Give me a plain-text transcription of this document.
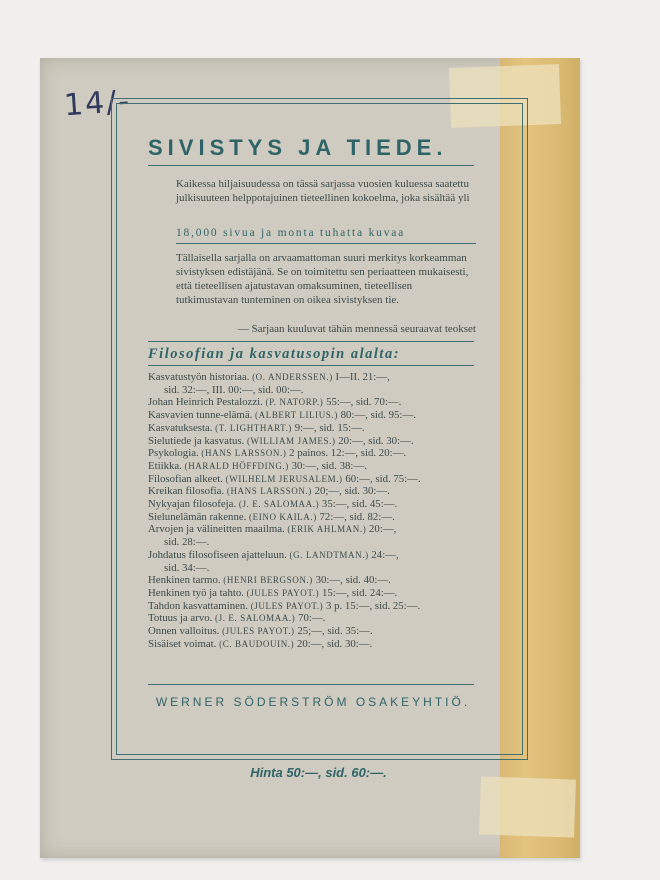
14/-
SIVISTYS JA TIEDE.

Kaikessa hiljaisuudessa on tässä sarjassa vuosien kuluessa saatettu julkisuuteen helppotajuinen tieteellinen kokoelma, joka sisältää yli

18,000 sivua ja monta tuhatta kuvaa

Tällaisella sarjalla on arvaamattoman suuri merkitys korkeamman sivistyksen edistäjänä. Se on toimitettu sen periaatteen mukaisesti, että tieteellisen ajatustavan omaksuminen, tieteellisen tutkimustavan tunteminen on oikea sivistyksen tie.

— Sarjaan kuuluvat tähän mennessä seuraavat teokset

Filosofian ja kasvatusopin alalta:

Kasvatustyön historiaa. (O. ANDERSSEN.) I—II. 21:—,
sid. 32:—, III. 00:—, sid. 00:—.

Johan Heinrich Pestalozzi. (P. NATORP.) 55:—, sid. 70:—.

Kasvavien tunne-elämä. (ALBERT LILIUS.) 80:—, sid. 95:—.

Kasvatuksesta. (T. LIGHTHART.) 9:—, sid. 15:—.

Sielutiede ja kasvatus. (WILLIAM JAMES.) 20:—, sid. 30:—.

Psykologia. (HANS LARSSON.) 2 painos. 12:—, sid. 20:—.

Etiikka. (HARALD HÖFFDING.) 30:—, sid. 38:—.

Filosofian alkeet. (WILHELM JERUSALEM.) 60:—, sid. 75:—.

Kreikan filosofia. (HANS LARSSON.) 20;—, sid. 30:—.

Nykyajan filosofeja. (J. E. SALOMAA.) 35:—, sid. 45:—.

Sielunelämän rakenne. (EINO KAILA.) 72:—, sid. 82:—.

Arvojen ja välineitten maailma. (ERIK AHLMAN.) 20:—,
sid. 28:—.

Johdatus filosofiseen ajatteluun. (G. LANDTMAN.) 24:—,
sid. 34:—.

Henkinen tarmo. (HENRI BERGSON.) 30:—, sid. 40:—.

Henkinen työ ja tahto. (JULES PAYOT.) 15:—, sid. 24:—.

Tahdon kasvattaminen. (JULES PAYOT.) 3 p. 15:—, sid. 25:—.

Totuus ja arvo. (J. E. SALOMAA.) 70:—.

Onnen valloitus. (JULES PAYOT.) 25;—, sid. 35:—.

Sisäiset voimat. (C. BAUDOUIN.) 20:—, sid. 30:—.

WERNER SÖDERSTRÖM OSAKEYHTIÖ.
Hinta 50:—, sid. 60:—.
